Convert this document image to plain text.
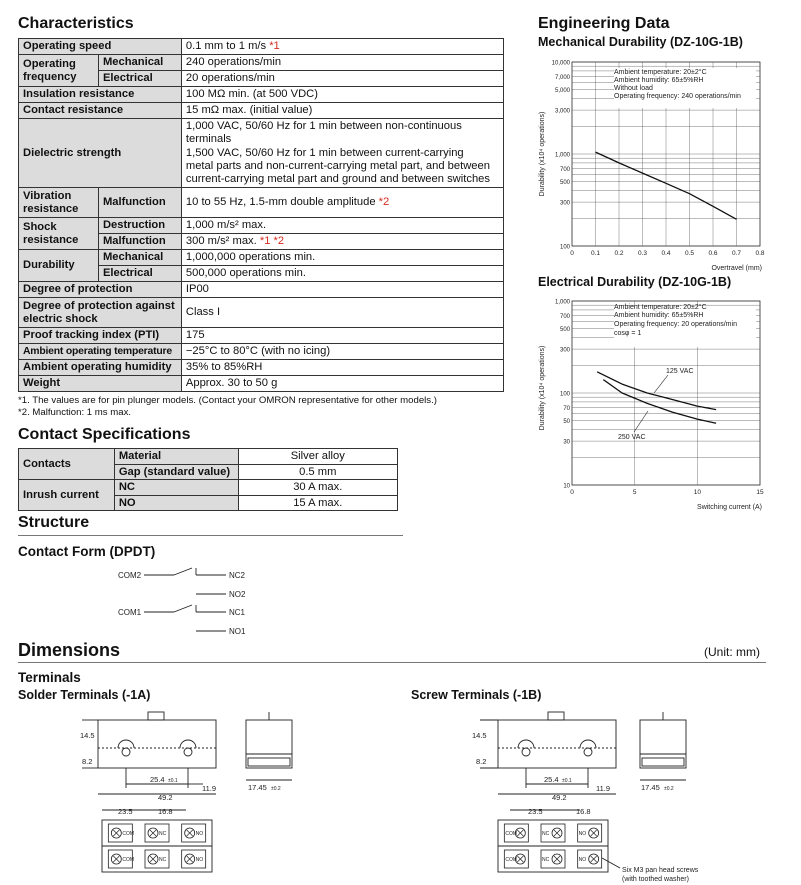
Characteristics
Operating speed		0.1 mm to 1 m/s *1
Operating frequency	Mechanical	240 operations/min
	Electrical	20 operations/min
Insulation resistance		100 MΩ min. (at 500 VDC)
Contact resistance		15 mΩ max. (initial value)
Dielectric strength		1,000 VAC, 50/60 Hz for 1 min between non-continuous terminals
1,500 VAC, 50/60 Hz for 1 min between current-carrying
metal parts and non-current-carrying metal part, and between
current-carrying metal part and ground and between switches

Vibration resistance	Malfunction	10 to 55 Hz, 1.5-mm double amplitude *2
Shock resistance	Destruction	1,000 m/s² max.
	Malfunction	300 m/s² max. *1 *2
Durability	Mechanical	1,000,000 operations min.
	Electrical	500,000 operations min.
Degree of protection		IP00
Degree of protection against electric shock		Class I
Proof tracking index (PTI)		175
Ambient operating temperature		−25°C to 80°C (with no icing)
Ambient operating humidity		35% to 85%RH
Weight		Approx. 30 to 50 g
*1. The values are for pin plunger models. (Contact your OMRON representative for other models.)
*2. Malfunction: 1 ms max.
Contact Specifications
Contacts	Material	Silver alloy
	Gap (standard value)	0.5 mm
Inrush current	NC	30 A max.
	NO	15 A max.
Structure
Contact Form (DPDT)
COM2	NC2
NO2
COM1	NC1
NO1
Engineering Data
Mechanical Durability (DZ-10G-1B)
10,000
7,000
5,000
3,000
1,000
700
500
300
100
0	0.1 0.2 0.3 0.4 0.5 0.6 0.7 0.8
Ambient temperature: 20±2°C
Ambient humidity: 65±5%RH
Without load
Operating frequency: 240 operations/min
Durability (x10⁴ operations)
Overtravel (mm)
Electrical Durability (DZ-10G-1B)
1,000
700
500
300
100
70
50
30
10
0	5	10	15
Ambient temperature: 20±2°C
Ambient humidity: 65±5%RH
Operating frequency: 20 operations/min
cosφ = 1
Durability (x10⁴ operations)
Switching current (A)
125 VAC
250 VAC
Dimensions	(Unit: mm)
Terminals
Solder Terminals (-1A)	Screw Terminals (-1B)
COM	NC	NO
COM	NC	NO
14.5
8.2
25.4 ±0.1
11.9
49.2
17.45 ±0.2
23.5	16.8
COM	NC	NO
COM	NC	NO
14.5
8.2
25.4 ±0.1
11.9
49.2
17.45 ±0.2
23.5	16.8
Six M3 pan head screws
(with toothed washer)
